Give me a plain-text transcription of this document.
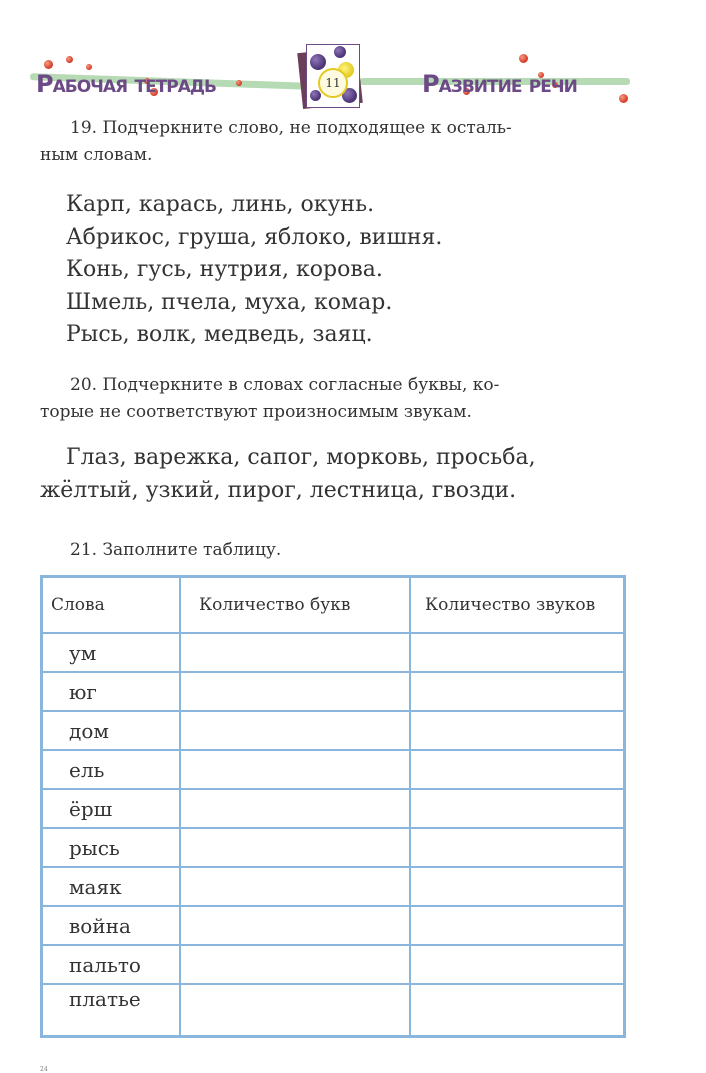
Рабочая тетрадь	11	Развитие речи

19. Подчеркните слово, не подходящее к осталь-

ным словам.

Карп, карась, линь, окунь.
Абрикос, груша, яблоко, вишня.
Конь, гусь, нутрия, корова.
Шмель, пчела, муха, комар.
Рысь, волк, медведь, заяц.

20. Подчеркните в словах согласные буквы, ко-

торые не соответствуют произносимым звукам.

Глаз, варежка, сапог, морковь, просьба,
жёлтый, узкий, пирог, лестница, гвозди.
21. Заполните таблицу.
Слова	Количество букв	Количество звуков
ум		
юг		
дом		
ель		
ёрш		
рысь		
маяк		
война		
пальто		
платье		
24
